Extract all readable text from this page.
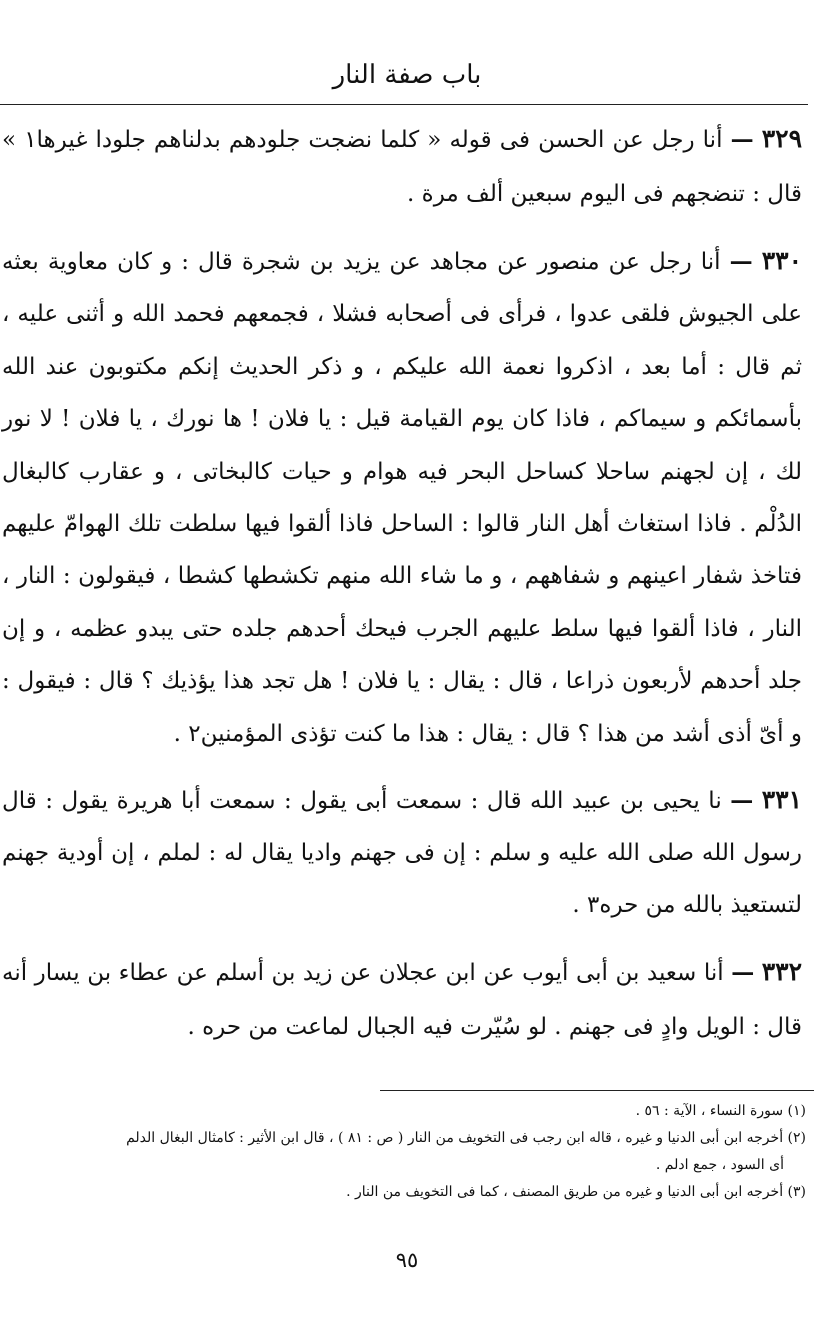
باب صفة النار

٣٢٩ — أنا رجل عن الحسن فى قوله « كلما نضجت جلودهم بدلناهم جلودا غيرها١ » قال : تنضجهم فى اليوم سبعين ألف مرة .

٣٣٠ — أنا رجل عن منصور عن مجاهد عن يزيد بن شجرة قال : و كان معاوية بعثه على الجيوش فلقى عدوا ، فرأى فى أصحابه فشلا ، فجمعهم فحمد الله و أثنى عليه ، ثم قال : أما بعد ، اذكروا نعمة الله عليكم ، و ذكر الحديث إنكم مكتوبون عند الله بأسمائكم و سيماكم ، فاذا كان يوم القيامة قيل : يا فلان ! ها نورك ، يا فلان ! لا نور لك ، إن لجهنم ساحلا كساحل البحر فيه هوام و حيات كالبخاتى ، و عقارب كالبغال الدُلْم . فاذا استغاث أهل النار قالوا : الساحل فاذا ألقوا فيها سلطت تلك الهوامّ عليهم فتاخذ شفار اعينهم و شفاههم ، و ما شاء الله منهم تكشطها كشطا ، فيقولون : النار ، النار ، فاذا ألقوا فيها سلط عليهم الجرب فيحك أحدهم جلده حتى يبدو عظمه ، و إن جلد أحدهم لأربعون ذراعا ، قال : يقال : يا فلان ! هل تجد هذا يؤذيك ؟ قال : فيقول : و أىّ أذى أشد من هذا ؟ قال : يقال : هذا ما كنت تؤذى المؤمنين٢ .

٣٣١ — نا يحيى بن عبيد الله قال : سمعت أبى يقول : سمعت أبا هريرة يقول : قال رسول الله صلى الله عليه و سلم : إن فى جهنم واديا يقال له : لملم ، إن أودية جهنم لتستعيذ بالله من حره٣ .

٣٣٢ — أنا سعيد بن أبى أيوب عن ابن عجلان عن زيد بن أسلم عن عطاء بن يسار أنه قال : الويل وادٍ فى جهنم . لو سُيّرت فيه الجبال لماعت من حره .

(١) سورة النساء ، الآية : ٥٦ .
(٢) أخرجه ابن أبى الدنيا و غيره ، قاله ابن رجب فى التخويف من النار ( ص : ٨١ ) ، قال ابن الأثير : كامثال البغال الدلم
أى السود ، جمع ادلم .
(٣) أخرجه ابن أبى الدنيا و غيره من طريق المصنف ، كما فى التخويف من النار .
٩٥
